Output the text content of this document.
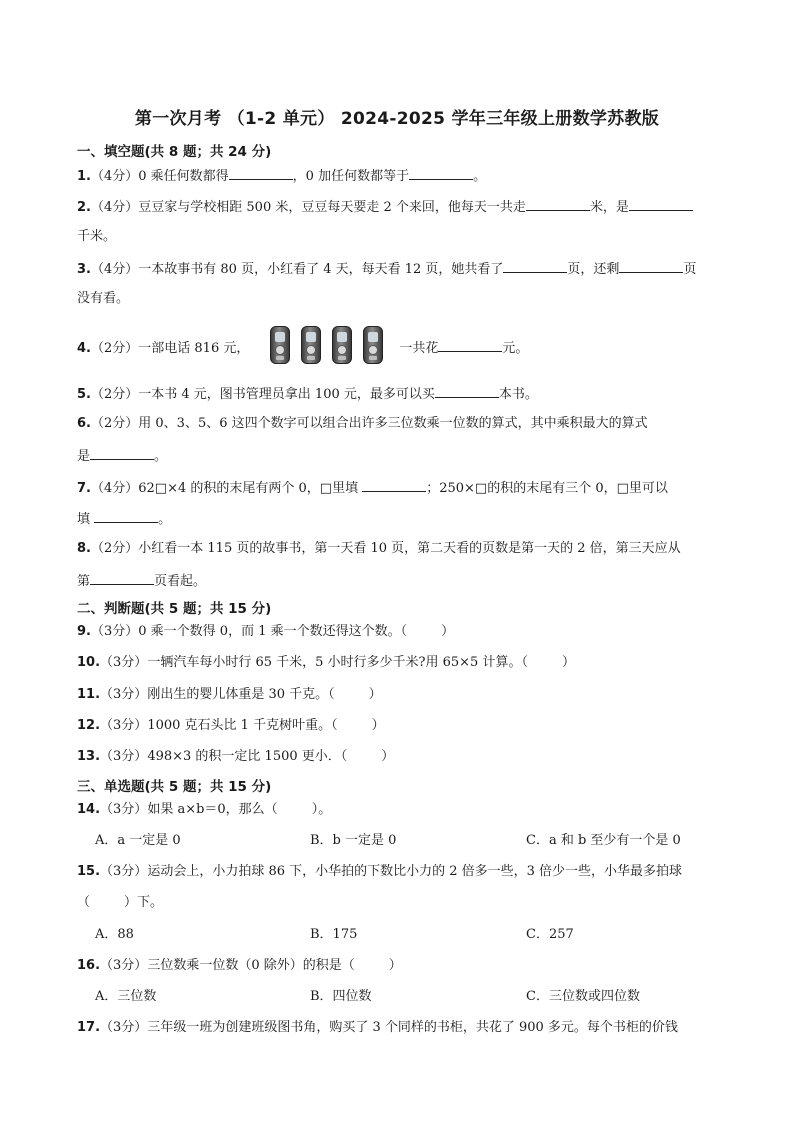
第一次月考 （1-2 单元） 2024-2025 学年三年级上册数学苏教版
一、填空题(共 8 题；共 24 分)
1.（4分）0 乘任何数都得	，0 加任何数都等于	。
2.（4分）豆豆家与学校相距 500 米，豆豆每天要走 2 个来回，他每天一共走	米，是
千米。
3.（4分）一本故事书有 80 页，小红看了 4 天，每天看 12 页，她共看了	页，还剩	页
没有看。
4.（2分）一部电话 816 元，	一共花	元。
5.（2分）一本书 4 元，图书管理员拿出 100 元，最多可以买	本书。
6.（2分）用 0、3、5、6 这四个数字可以组合出许多三位数乘一位数的算式，其中乘积最大的算式
是	。
7.（4分）62□×4 的积的末尾有两个 0，□里填	；250×□的积的末尾有三个 0，□里可以
填	。
8.（2分）小红看一本 115 页的故事书，第一天看 10 页，第二天看的页数是第一天的 2 倍，第三天应从
第	页看起。
二、判断题(共 5 题；共 15 分)
9.（3分）0 乘一个数得 0，而 1 乘一个数还得这个数。（	）
10.（3分）一辆汽车每小时行 65 千米，5 小时行多少千米?用 65×5 计算。（	）
11.（3分）刚出生的婴儿体重是 30 千克。（	）
12.（3分）1000 克石头比 1 千克树叶重。（	）
13.（3分）498×3 的积一定比 1500 更小．（	）
三、单选题(共 5 题；共 15 分)
14.（3分）如果 a×b＝0，那么（	）。
A．a 一定是 0	B．b 一定是 0	C．a 和 b 至少有一个是 0
15.（3分）运动会上，小力拍球 86 下，小华拍的下数比小力的 2 倍多一些，3 倍少一些，小华最多拍球
（	）下。
A．88	B．175	C．257
16.（3分）三位数乘一位数（0 除外）的积是（	）
A．三位数	B．四位数	C．三位数或四位数
17.（3分）三年级一班为创建班级图书角，购买了 3 个同样的书柜，共花了 900 多元。每个书柜的价钱
